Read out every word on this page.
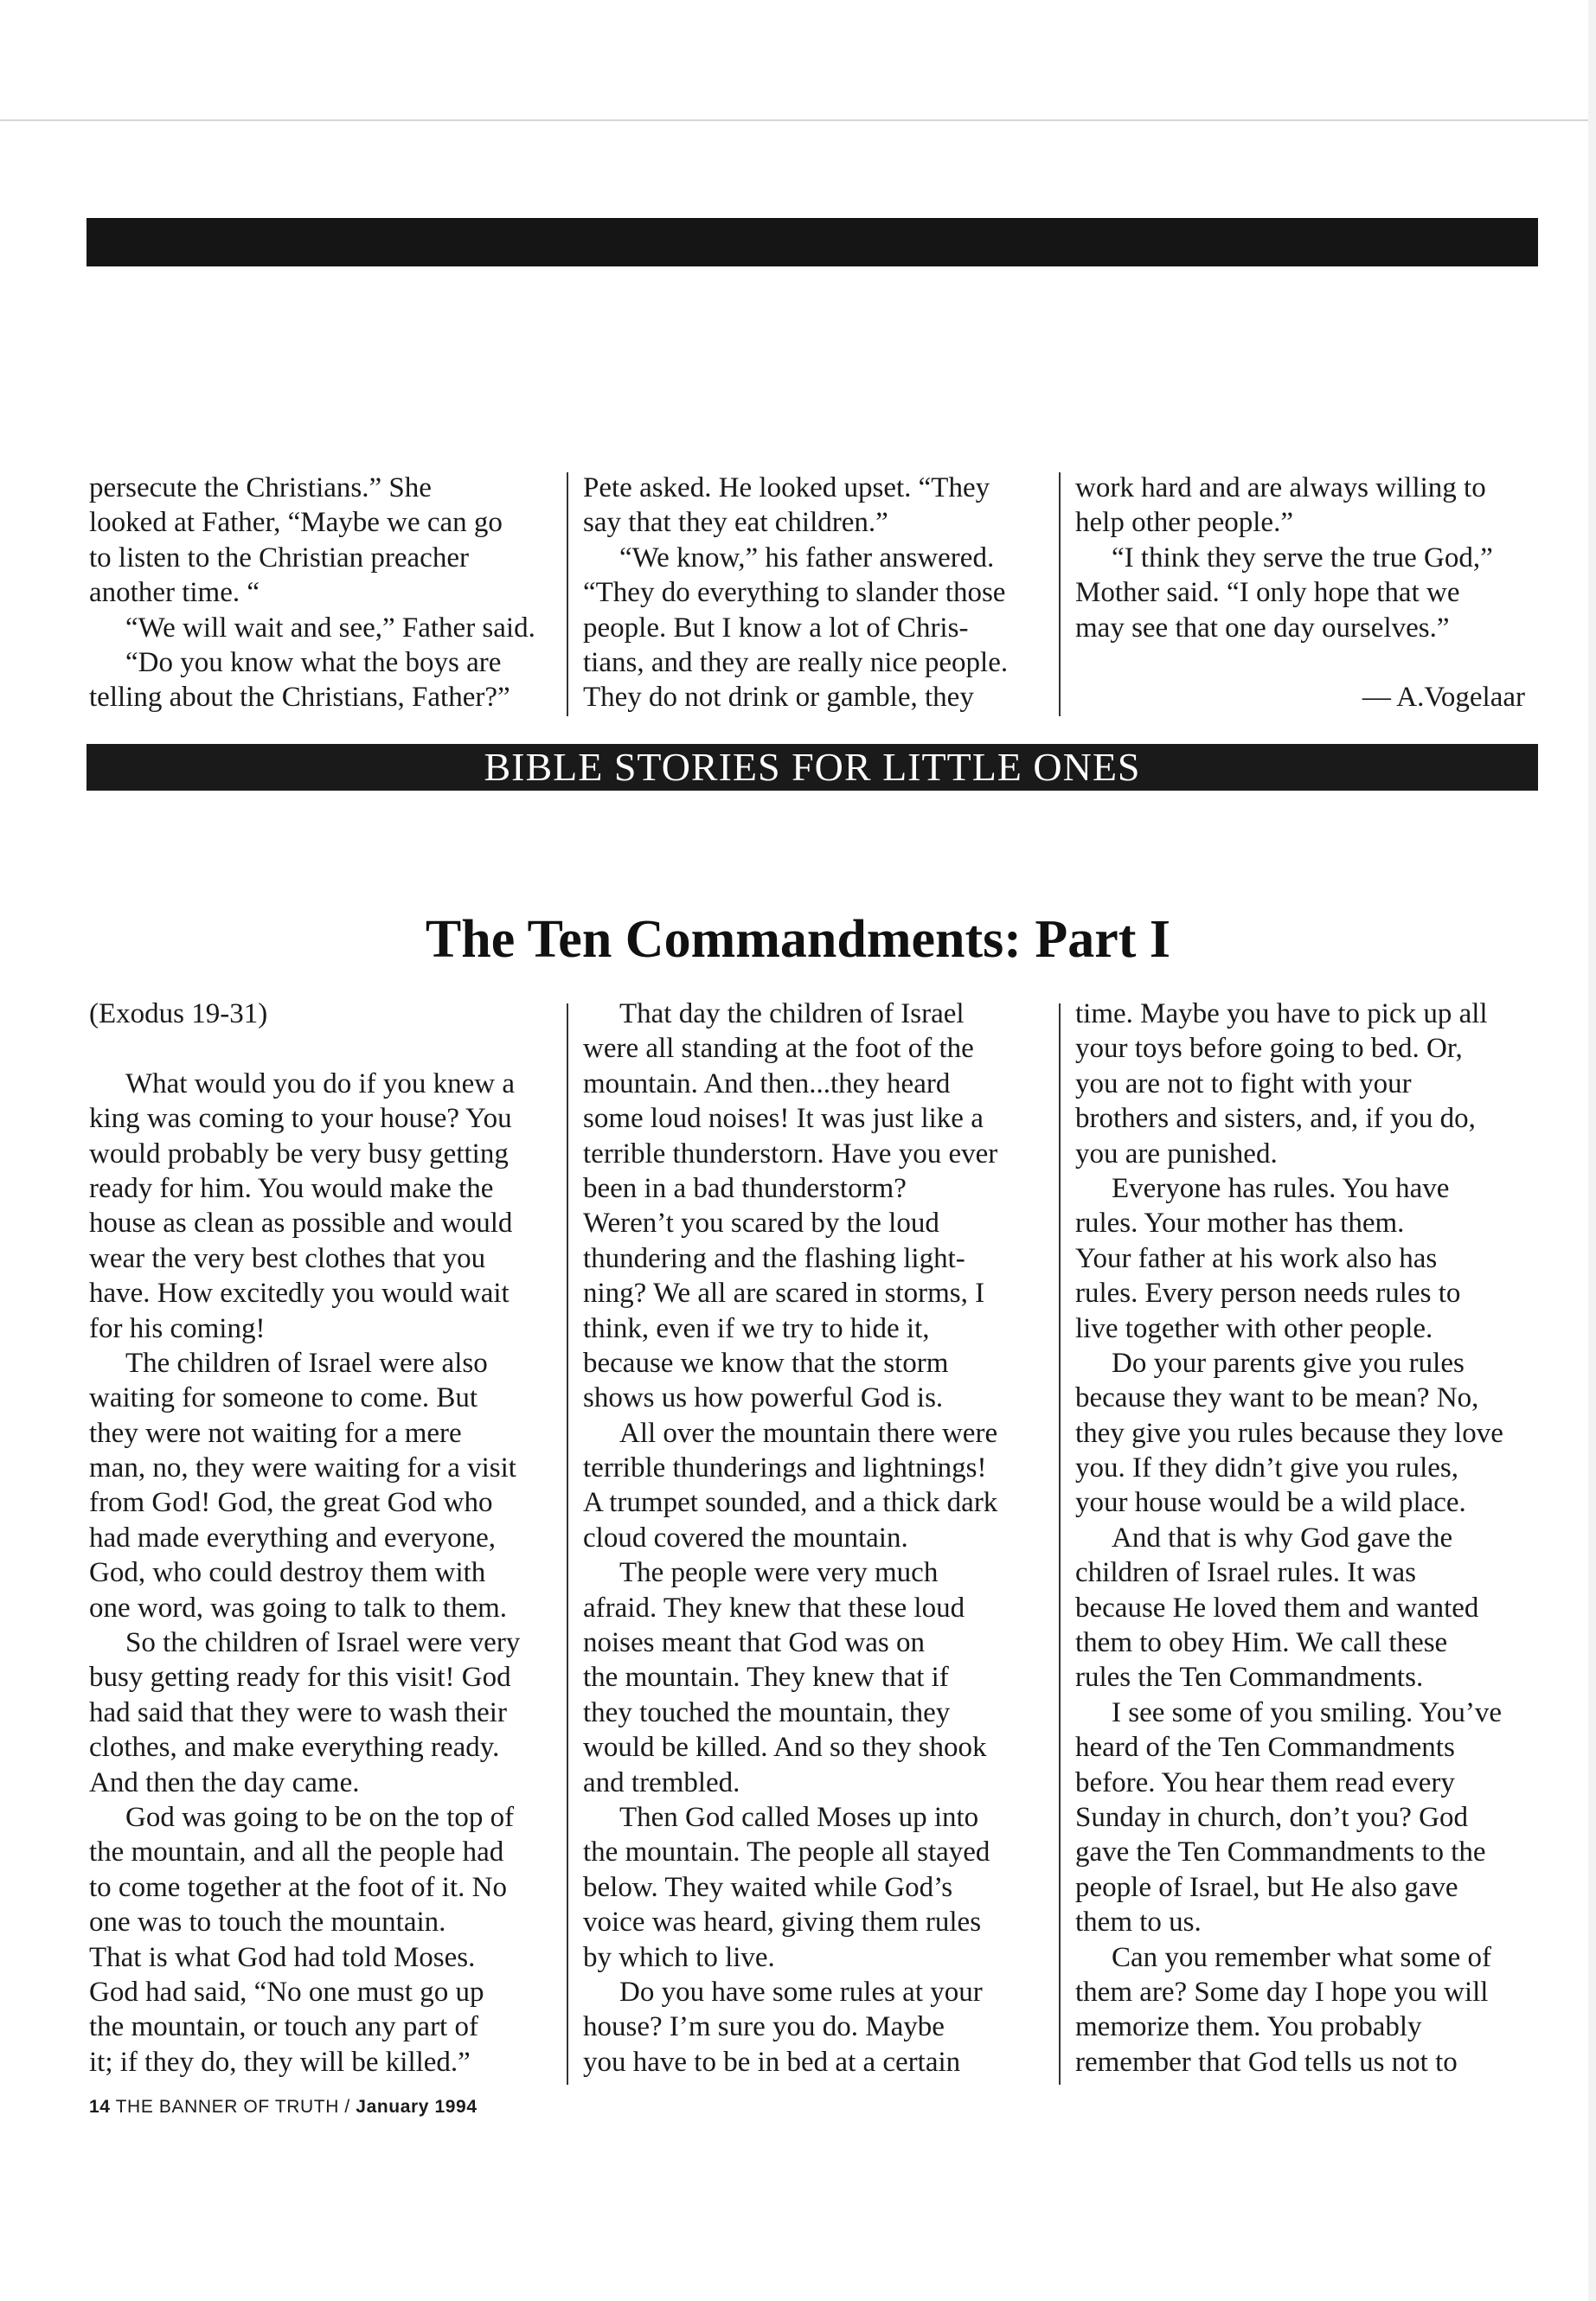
persecute the Christians.” She
looked at Father, “Maybe we can go
to listen to the Christian preacher
another time. “
“We will wait and see,” Father said.
“Do you know what the boys are
telling about the Christians, Father?”
Pete asked. He looked upset. “They
say that they eat children.”
“We know,” his father answered.
“They do everything to slander those
people. But I know a lot of Chris-
tians, and they are really nice people.
They do not drink or gamble, they
work hard and are always willing to
help other people.”
“I think they serve the true God,”
Mother said. “I only hope that we
may see that one day ourselves.”
— A.Vogelaar
BIBLE STORIES FOR LITTLE ONES
The Ten Commandments: Part I
(Exodus 19-31)
What would you do if you knew a
king was coming to your house? You
would probably be very busy getting
ready for him. You would make the
house as clean as possible and would
wear the very best clothes that you
have. How excitedly you would wait
for his coming!
The children of Israel were also
waiting for someone to come. But
they were not waiting for a mere
man, no, they were waiting for a visit
from God! God, the great God who
had made everything and everyone,
God, who could destroy them with
one word, was going to talk to them.
So the children of Israel were very
busy getting ready for this visit! God
had said that they were to wash their
clothes, and make everything ready.
And then the day came.
God was going to be on the top of
the mountain, and all the people had
to come together at the foot of it. No
one was to touch the mountain.
That is what God had told Moses.
God had said, “No one must go up
the mountain, or touch any part of
it; if they do, they will be killed.”
That day the children of Israel
were all standing at the foot of the
mountain. And then...they heard
some loud noises! It was just like a
terrible thunderstorn. Have you ever
been in a bad thunderstorm?
Weren’t you scared by the loud
thundering and the flashing light-
ning? We all are scared in storms, I
think, even if we try to hide it,
because we know that the storm
shows us how powerful God is.
All over the mountain there were
terrible thunderings and lightnings!
A trumpet sounded, and a thick dark
cloud covered the mountain.
The people were very much
afraid. They knew that these loud
noises meant that God was on
the mountain. They knew that if
they touched the mountain, they
would be killed. And so they shook
and trembled.
Then God called Moses up into
the mountain. The people all stayed
below. They waited while God’s
voice was heard, giving them rules
by which to live.
Do you have some rules at your
house? I’m sure you do. Maybe
you have to be in bed at a certain
time. Maybe you have to pick up all
your toys before going to bed. Or,
you are not to fight with your
brothers and sisters, and, if you do,
you are punished.
Everyone has rules. You have
rules. Your mother has them.
Your father at his work also has
rules. Every person needs rules to
live together with other people.
Do your parents give you rules
because they want to be mean? No,
they give you rules because they love
you. If they didn’t give you rules,
your house would be a wild place.
And that is why God gave the
children of Israel rules. It was
because He loved them and wanted
them to obey Him. We call these
rules the Ten Commandments.
I see some of you smiling. You’ve
heard of the Ten Commandments
before. You hear them read every
Sunday in church, don’t you? God
gave the Ten Commandments to the
people of Israel, but He also gave
them to us.
Can you remember what some of
them are? Some day I hope you will
memorize them. You probably
remember that God tells us not to
14 THE BANNER OF TRUTH / January 1994
